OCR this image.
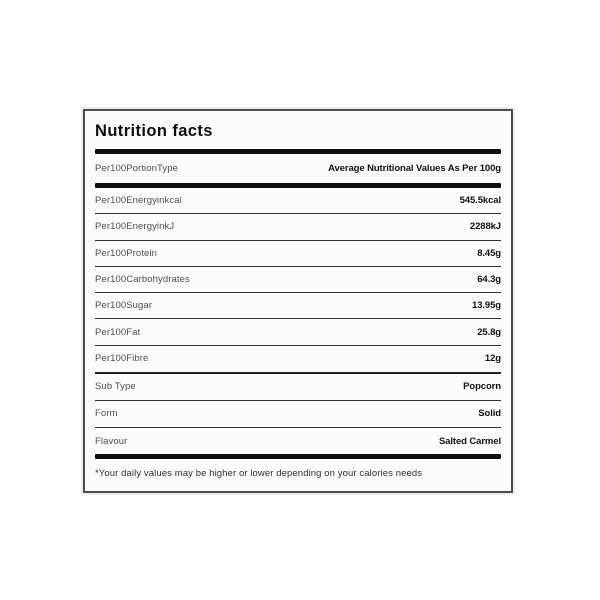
Nutrition facts
Per100PortionType	Average Nutritional Values As Per 100g
Per100Energyinkcal	545.5kcal
Per100EnergyinkJ	2288kJ
Per100Protein	8.45g
Per100Carbohydrates	64.3g
Per100Sugar	13.95g
Per100Fat	25.8g
Per100Fibre	12g
Sub Type	Popcorn
Form	Solid
Flavour	Salted Carmel

*Your daily values may be higher or lower depending on your calories needs
